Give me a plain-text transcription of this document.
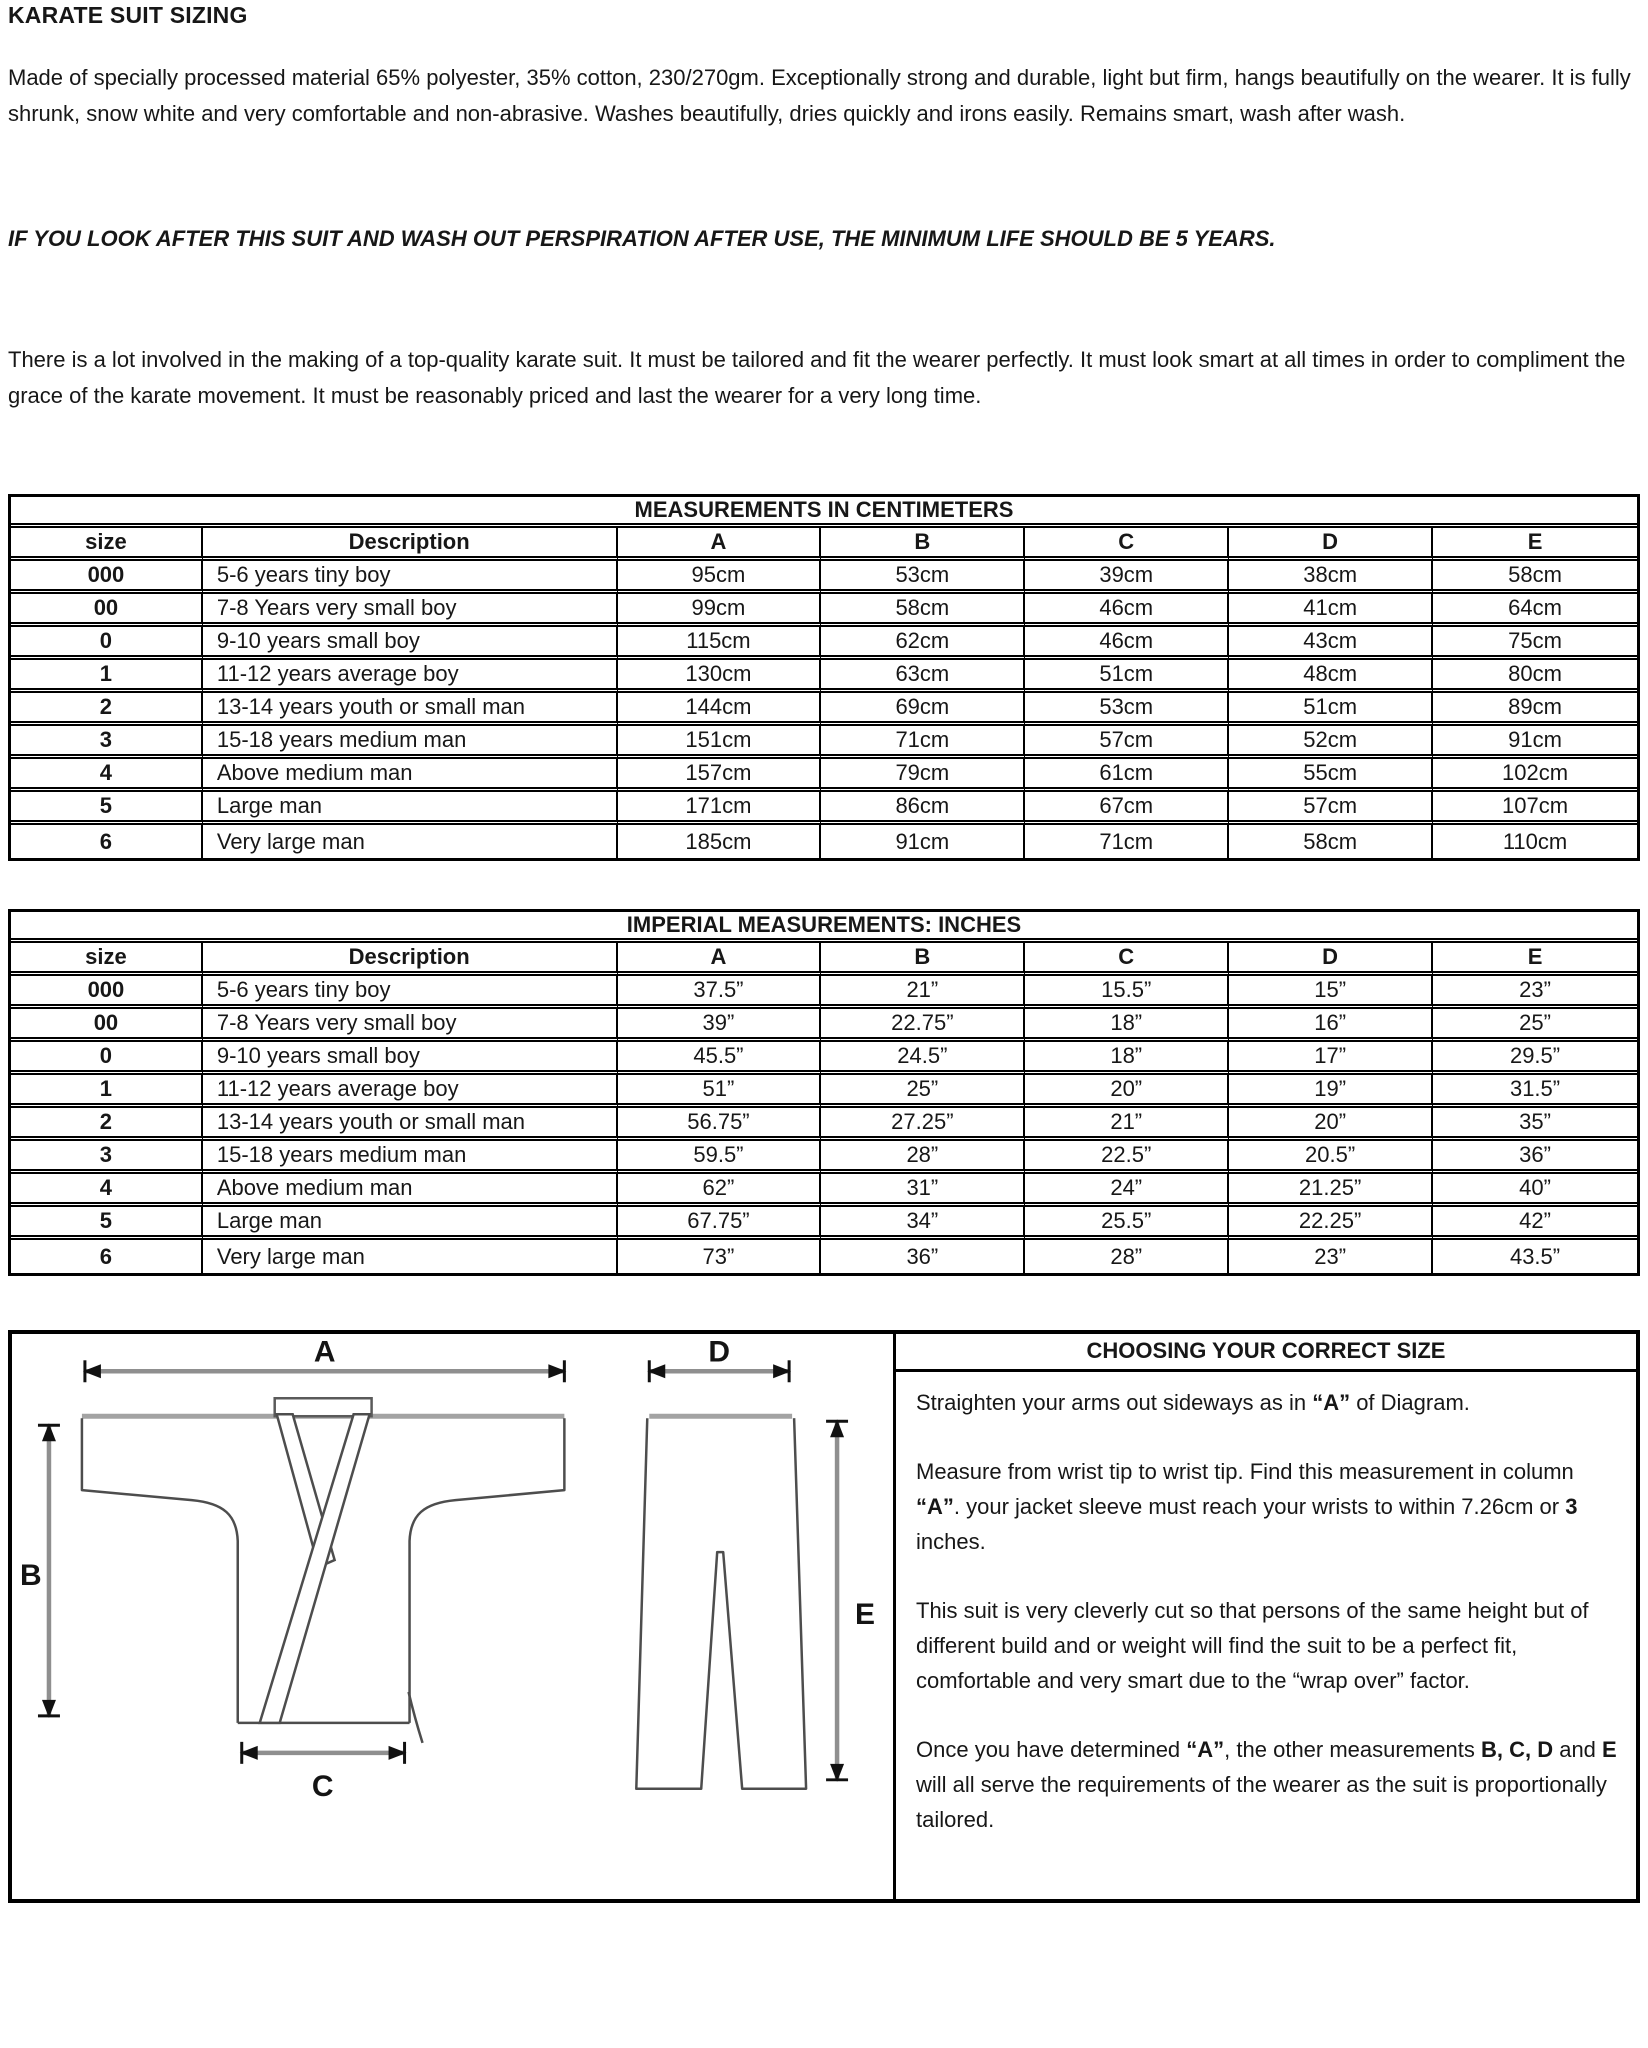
KARATE SUIT SIZING

Made of specially processed material 65% polyester, 35% cotton, 230/270gm. Exceptionally strong and durable, light but firm, hangs beautifully on the wearer. It is fully shrunk, snow white and very comfortable and non-abrasive. Washes beautifully, dries quickly and irons easily. Remains smart, wash after wash.

IF YOU LOOK AFTER THIS SUIT AND WASH OUT PERSPIRATION AFTER USE, THE MINIMUM LIFE SHOULD BE 5 YEARS.

There is a lot involved in the making of a top-quality karate suit. It must be tailored and fit the wearer perfectly. It must look smart at all times in order to compliment the grace of the karate movement. It must be reasonably priced and last the wearer for a very long time.

MEASUREMENTS IN CENTIMETERS						
size	Description	A	B	C	D	E
000	5-6 years tiny boy	95cm	53cm	39cm	38cm	58cm
00	7-8 Years very small boy	99cm	58cm	46cm	41cm	64cm
0	9-10 years small boy	115cm	62cm	46cm	43cm	75cm
1	11-12 years average boy	130cm	63cm	51cm	48cm	80cm
2	13-14 years youth or small man	144cm	69cm	53cm	51cm	89cm
3	15-18 years medium man	151cm	71cm	57cm	52cm	91cm
4	Above medium man	157cm	79cm	61cm	55cm	102cm
5	Large man	171cm	86cm	67cm	57cm	107cm
6	Very large man	185cm	91cm	71cm	58cm	110cm
IMPERIAL MEASUREMENTS: INCHES						
size	Description	A	B	C	D	E
000	5-6 years tiny boy	37.5”	21”	15.5”	15”	23”
00	7-8 Years very small boy	39”	22.75”	18”	16”	25”
0	9-10 years small boy	45.5”	24.5”	18”	17”	29.5”
1	11-12 years average boy	51”	25”	20”	19”	31.5”
2	13-14 years youth or small man	56.75”	27.25”	21”	20”	35”
3	15-18 years medium man	59.5”	28”	22.5”	20.5”	36”
4	Above medium man	62”	31”	24”	21.25”	40”
5	Large man	67.75”	34”	25.5”	22.25”	42”
6	Very large man	73”	36”	28”	23”	43.5”
A	D
B
C
E
CHOOSING YOUR CORRECT SIZE

Straighten your arms out sideways as in “A” of Diagram.

Measure from wrist tip to wrist tip. Find this measurement in column “A”. your jacket sleeve must reach your wrists to within 7.26cm or 3 inches.

This suit is very cleverly cut so that persons of the same height but of different build and or weight will find the suit to be a perfect fit, comfortable and very smart due to the “wrap over” factor.

Once you have determined “A”, the other measurements B, C, D and E will all serve the requirements of the wearer as the suit is proportionally tailored.
